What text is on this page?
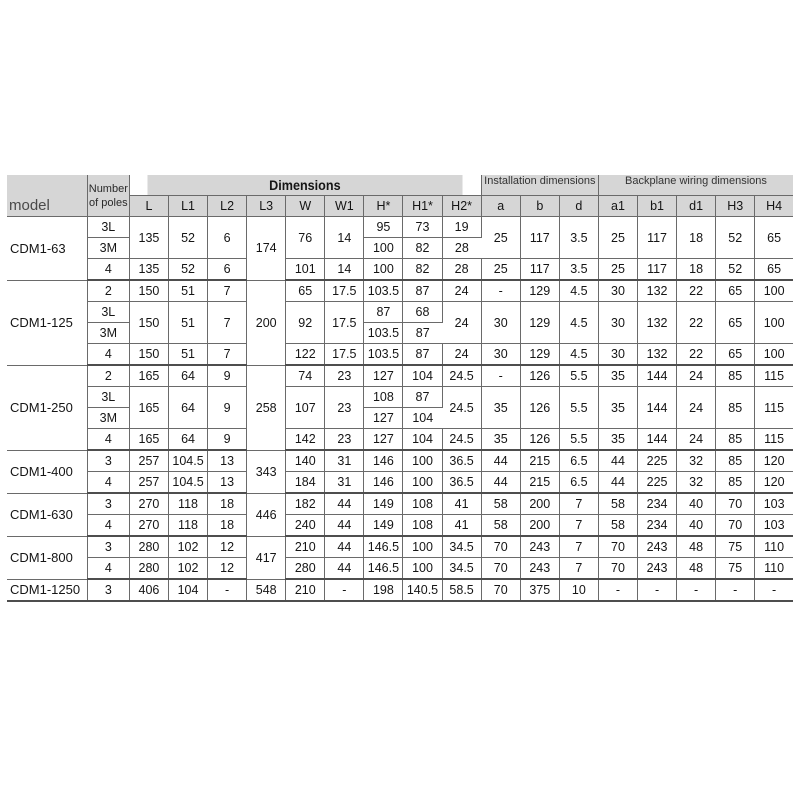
model	Number of poles	Dimensions									Installation dimensions			Backplane wiring dimensions				
		L	L1	L2	L3	W	W1	H*	H1*	H2*	a	b	d	a1	b1	d1	H3	H4
CDM1-63	3L	135	52	6	174	76	14	95	73	19	25	117	3.5	25	117	18	52	65
	3M							100	82	28								
	4	135	52	6		101	14	100	82	28	25	117	3.5	25	117	18	52	65
CDM1-125	2	150	51	7	200	65	17.5	103.5	87	24	-	129	4.5	30	132	22	65	100
	3L	150	51	7		92	17.5	87	68	24	30	129	4.5	30	132	22	65	100
	3M							103.5	87									
	4	150	51	7		122	17.5	103.5	87	24	30	129	4.5	30	132	22	65	100
CDM1-250	2	165	64	9	258	74	23	127	104	24.5	-	126	5.5	35	144	24	85	115
	3L	165	64	9		107	23	108	87	24.5	35	126	5.5	35	144	24	85	115
	3M							127	104									
	4	165	64	9		142	23	127	104	24.5	35	126	5.5	35	144	24	85	115
CDM1-400	3	257	104.5	13	343	140	31	146	100	36.5	44	215	6.5	44	225	32	85	120
	4	257	104.5	13		184	31	146	100	36.5	44	215	6.5	44	225	32	85	120
CDM1-630	3	270	118	18	446	182	44	149	108	41	58	200	7	58	234	40	70	103
	4	270	118	18		240	44	149	108	41	58	200	7	58	234	40	70	103
CDM1-800	3	280	102	12	417	210	44	146.5	100	34.5	70	243	7	70	243	48	75	110
	4	280	102	12		280	44	146.5	100	34.5	70	243	7	70	243	48	75	110
CDM1-1250	3	406	104	-	548	210	-	198	140.5	58.5	70	375	10	-	-	-	-	-
